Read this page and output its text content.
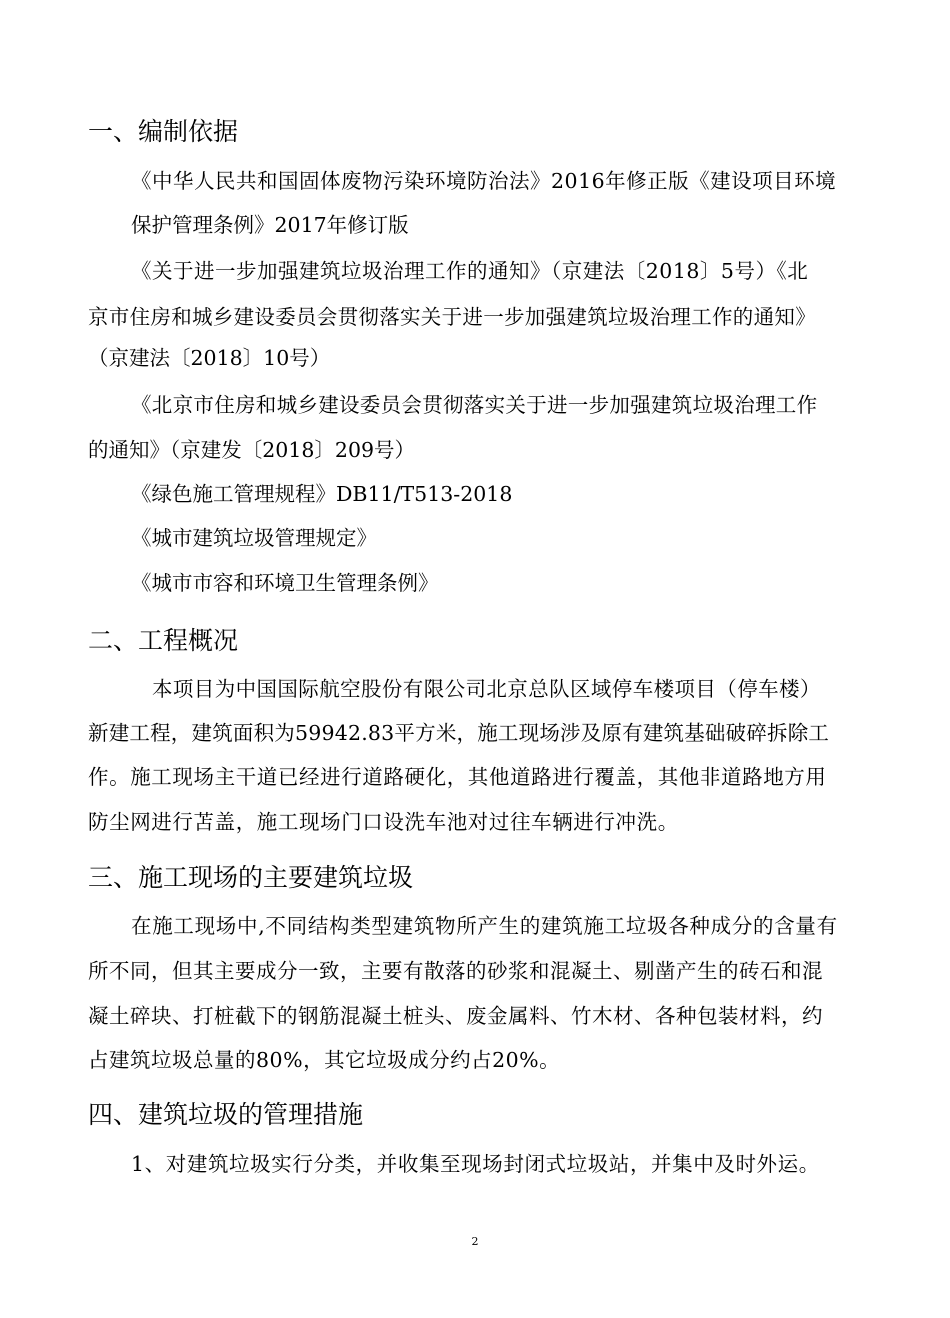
一、编制依据
《中华人民共和国固体废物污染环境防治法》2016年修正版《建设项目环境
保护管理条例》2017年修订版
《关于进一步加强建筑垃圾治理工作的通知》（京建法〔2018〕5号）《北
京市住房和城乡建设委员会贯彻落实关于进一步加强建筑垃圾治理工作的通知》
（京建法〔2018〕10号）
《北京市住房和城乡建设委员会贯彻落实关于进一步加强建筑垃圾治理工作
的通知》（京建发〔2018〕209号）
《绿色施工管理规程》DB11/T513-2018
《城市建筑垃圾管理规定》
《城市市容和环境卫生管理条例》
二、工程概况
本项目为中国国际航空股份有限公司北京总队区域停车楼项目（停车楼）
新建工程，建筑面积为59942.83平方米，施工现场涉及原有建筑基础破碎拆除工
作。施工现场主干道已经进行道路硬化，其他道路进行覆盖，其他非道路地方用
防尘网进行苫盖，施工现场门口设洗车池对过往车辆进行冲洗。
三、施工现场的主要建筑垃圾
在施工现场中,不同结构类型建筑物所产生的建筑施工垃圾各种成分的含量有
所不同，但其主要成分一致，主要有散落的砂浆和混凝土、剔凿产生的砖石和混
凝土碎块、打桩截下的钢筋混凝土桩头、废金属料、竹木材、各种包装材料，约
占建筑垃圾总量的80%，其它垃圾成分约占20%。
四、建筑垃圾的管理措施
1、对建筑垃圾实行分类，并收集至现场封闭式垃圾站，并集中及时外运。
2
